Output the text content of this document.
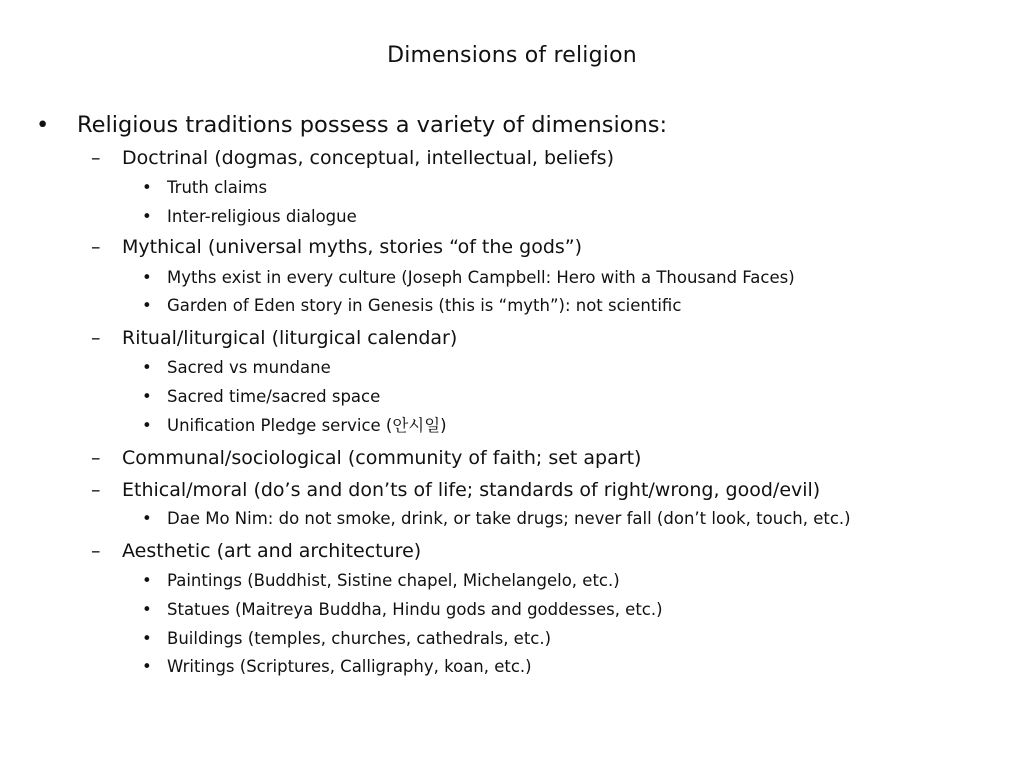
Dimensions of religion
• Religious traditions possess a variety of dimensions:
– Doctrinal (dogmas, conceptual, intellectual, beliefs)
• Truth claims
• Inter-religious dialogue
– Mythical (universal myths, stories “of the gods”)
• Myths exist in every culture (Joseph Campbell: Hero with a Thousand Faces)
• Garden of Eden story in Genesis (this is “myth”): not scientific
– Ritual/liturgical (liturgical calendar)
• Sacred vs mundane
• Sacred time/sacred space
• Unification Pledge service (안시일)
– Communal/sociological (community of faith; set apart)
– Ethical/moral (do’s and don’ts of life; standards of right/wrong, good/evil)
• Dae Mo Nim: do not smoke, drink, or take drugs; never fall (don’t look, touch, etc.)
– Aesthetic (art and architecture)
• Paintings (Buddhist, Sistine chapel, Michelangelo, etc.)
• Statues (Maitreya Buddha, Hindu gods and goddesses, etc.)
• Buildings (temples, churches, cathedrals, etc.)
• Writings (Scriptures, Calligraphy, koan, etc.)
